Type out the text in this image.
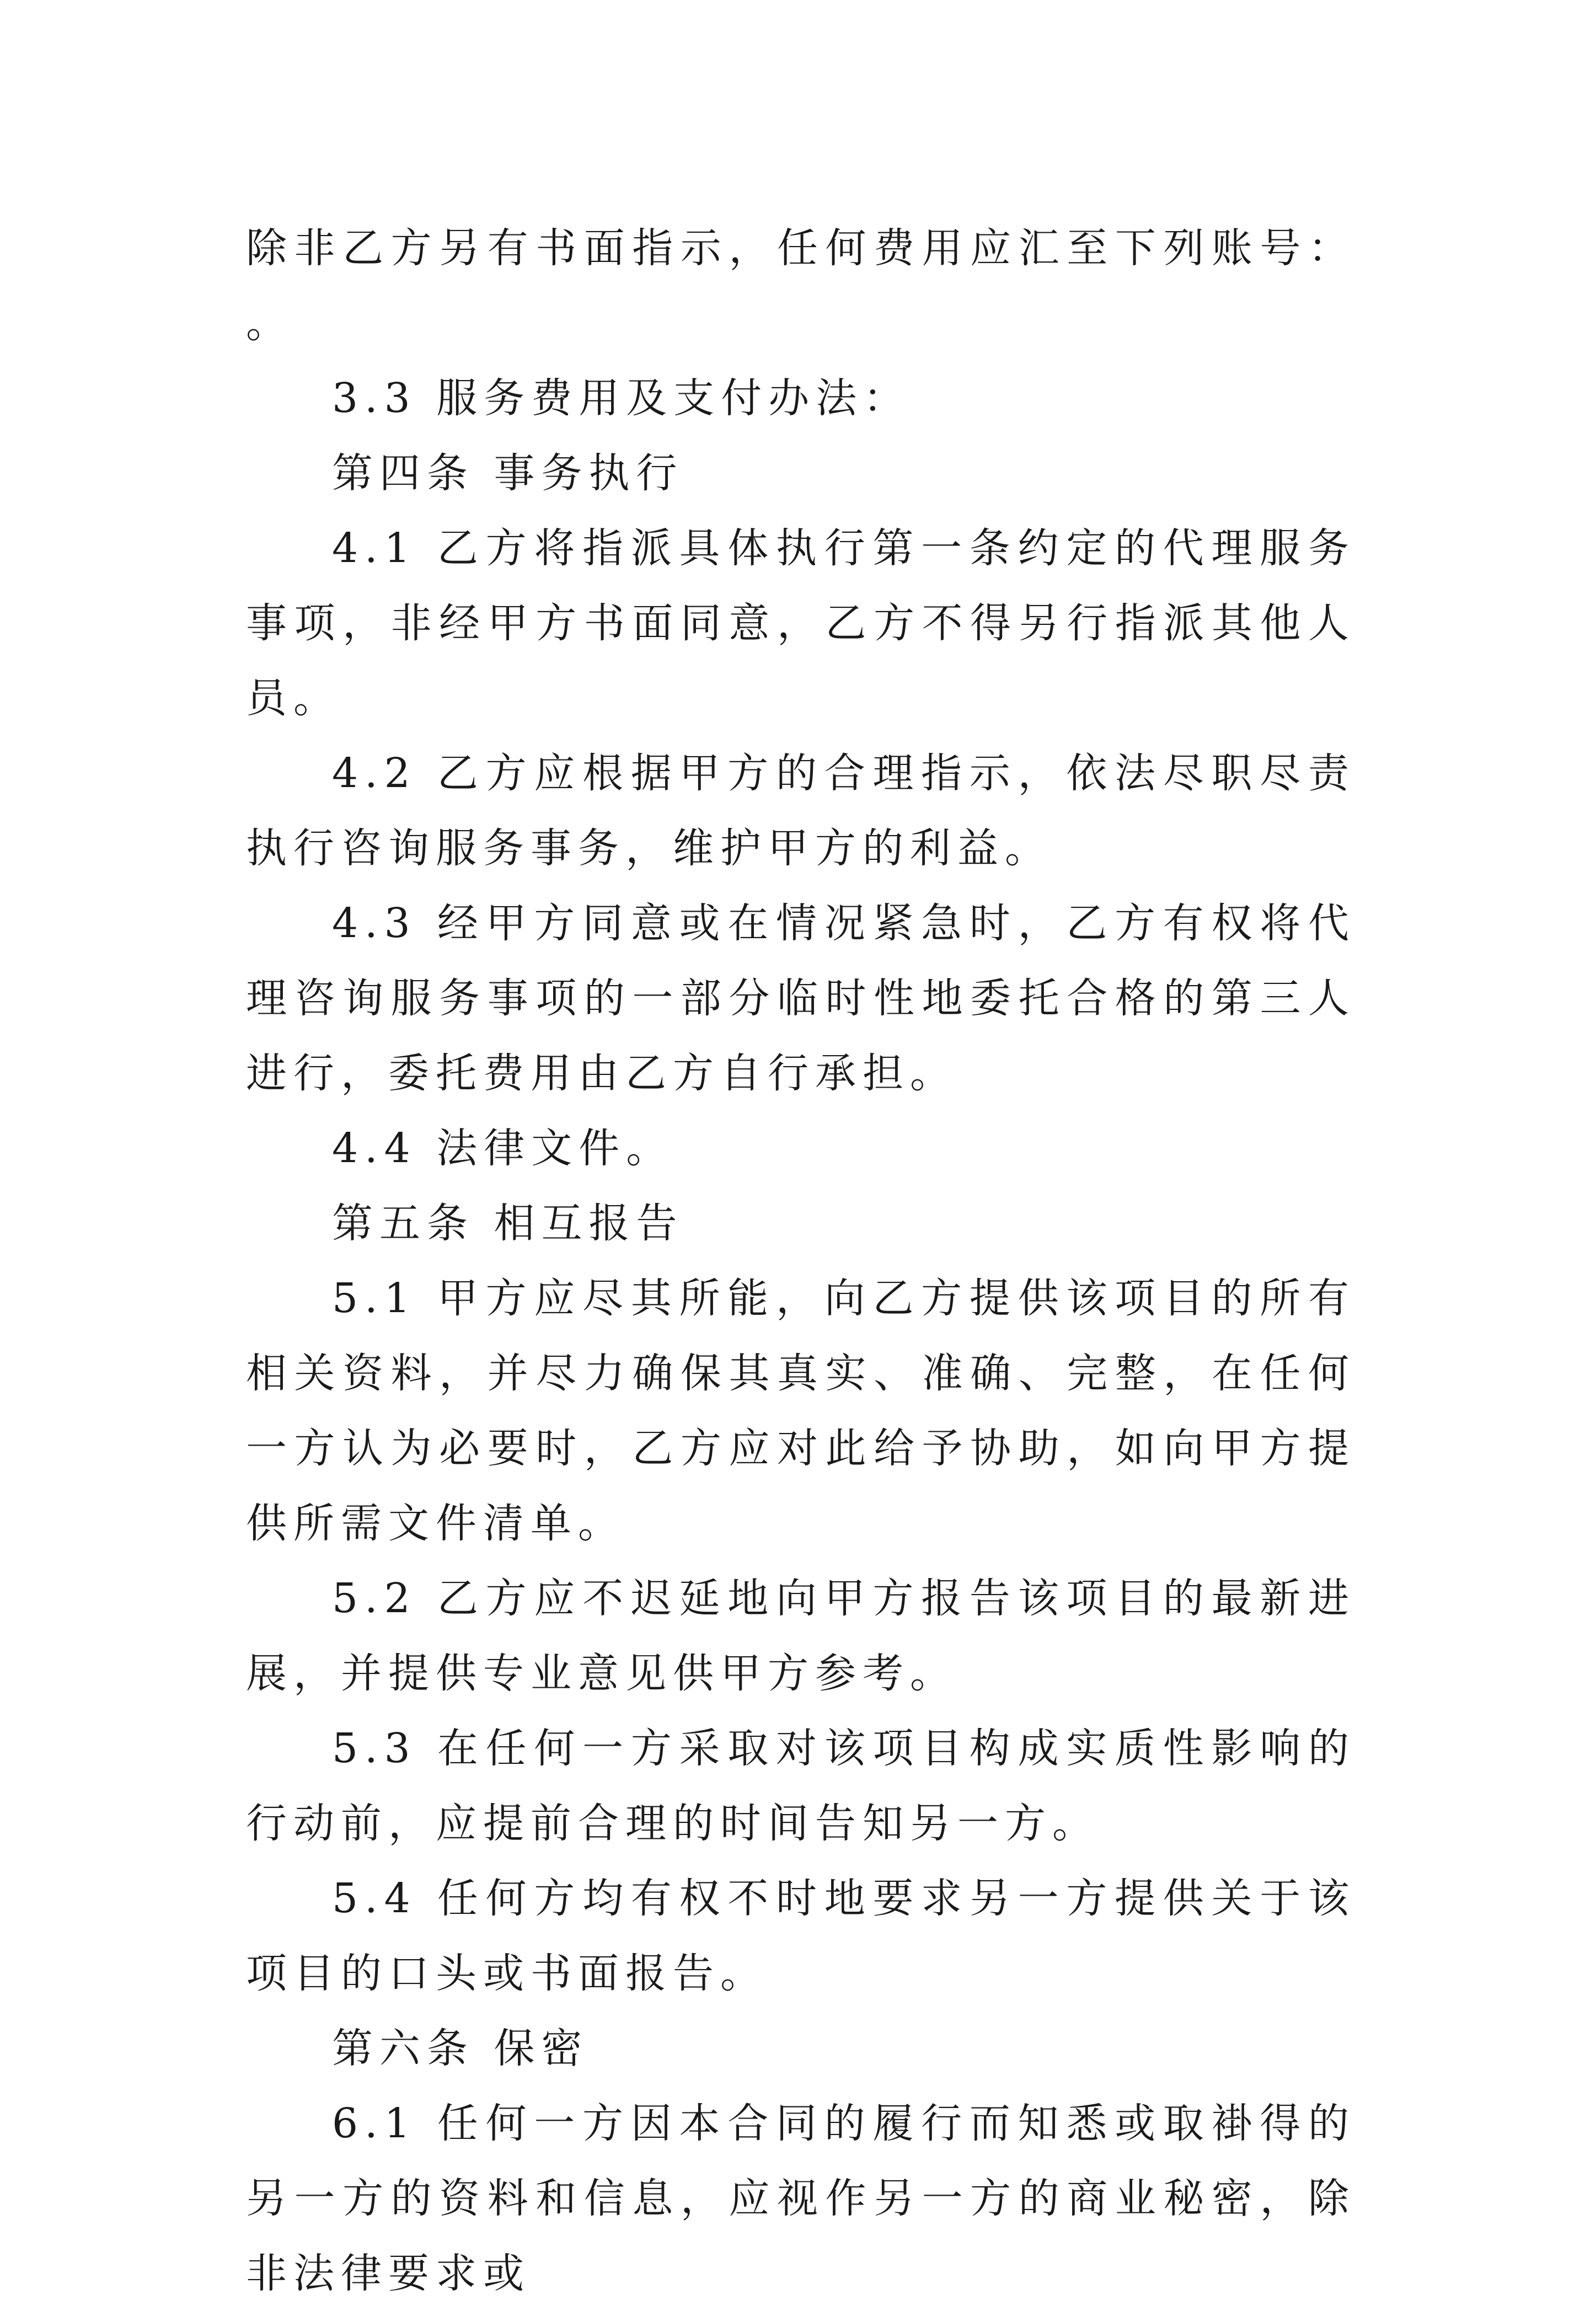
除非乙方另有书面指示，任何费用应汇至下列账号： 。

3.3 服务费用及支付办法：

第四条 事务执行

4.1 乙方将指派具体执行第一条约定的代理服务事项，非经甲方书面同意，乙方不得另行指派其他人员。

4.2 乙方应根据甲方的合理指示，依法尽职尽责执行咨询服务事务，维护甲方的利益。

4.3 经甲方同意或在情况紧急时，乙方有权将代理咨询服务事项的一部分临时性地委托合格的第三人进行，委托费用由乙方自行承担。

4.4 法律文件。

第五条 相互报告

5.1 甲方应尽其所能，向乙方提供该项目的所有相关资料，并尽力确保其真实、准确、完整，在任何一方认为必要时，乙方应对此给予协助，如向甲方提供所需文件清单。

5.2 乙方应不迟延地向甲方报告该项目的最新进展，并提供专业意见供甲方参考。

5.3 在任何一方采取对该项目构成实质性影响的行动前，应提前合理的时间告知另一方。

5.4 任何方均有权不时地要求另一方提供关于该项目的口头或书面报告。

第六条 保密

6.1 任何一方因本合同的履行而知悉或取褂得的另一方的资料和信息，应视作另一方的商业秘密，除非法律要求或
